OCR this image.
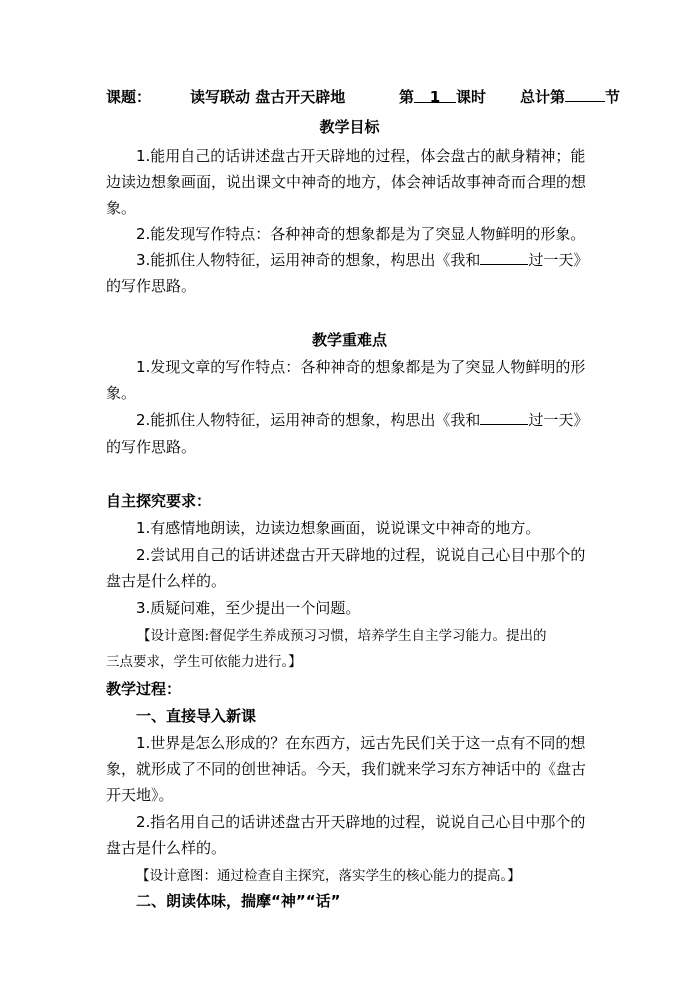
课题：	读写联动 盘古开天辟地	第 1 课时 总计第	节
教学目标
1.能用自己的话讲述盘古开天辟地的过程，体会盘古的献身精神；能
边读边想象画面，说出课文中神奇的地方，体会神话故事神奇而合理的想
象。
2.能发现写作特点：各种神奇的想象都是为了突显人物鲜明的形象。
3.能抓住人物特征，运用神奇的想象，构思出《我和	过一天》
的写作思路。
教学重难点
1.发现文章的写作特点：各种神奇的想象都是为了突显人物鲜明的形
象。
2.能抓住人物特征，运用神奇的想象，构思出《我和	过一天》
的写作思路。
自主探究要求：
1.有感情地朗读，边读边想象画面，说说课文中神奇的地方。
2.尝试用自己的话讲述盘古开天辟地的过程，说说自己心目中那个的
盘古是什么样的。
3.质疑问难，至少提出一个问题。
【设计意图:督促学生养成预习习惯，培养学生自主学习能力。提出的
三点要求，学生可依能力进行。】
教学过程：
一、直接导入新课
1.世界是怎么形成的？在东西方，远古先民们关于这一点有不同的想
象，就形成了不同的创世神话。今天，我们就来学习东方神话中的《盘古
开天地》。
2.指名用自己的话讲述盘古开天辟地的过程，说说自己心目中那个的
盘古是什么样的。
【设计意图：通过检查自主探究，落实学生的核心能力的提高。】
二、朗读体味，揣摩“神”“话”
